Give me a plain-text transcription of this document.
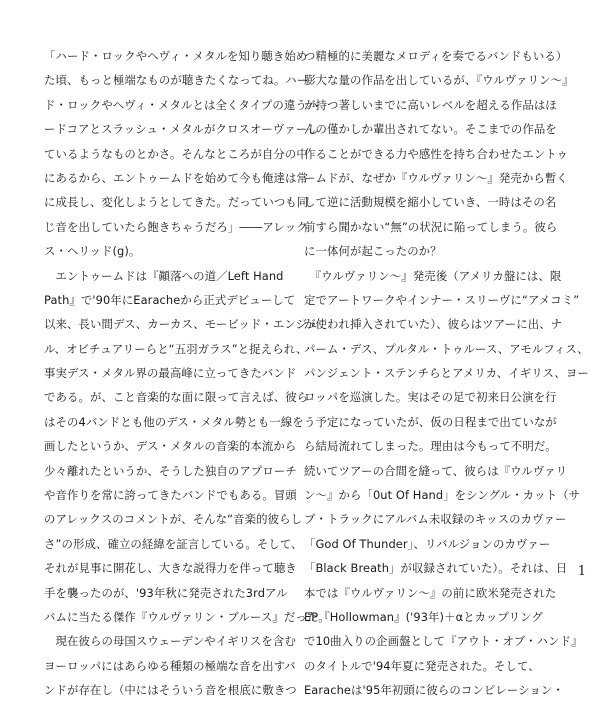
「ハード・ロックやヘヴィ・メタルを知り聴き始め
た頃、もっと極端なものが聴きたくなってね。ハー
ド・ロックやヘヴィ・メタルとは全くタイプの違うハ
ードコアとスラッシュ・メタルがクロスオーヴァーし
ているようなものとかさ。そんなところが自分の中
にあるから、エントゥームドを始めて今も俺達は常
に成長し、変化しようとしてきた。だっていつも同
じ音を出していたら飽きちゃうだろ」――アレック
ス・ヘリッド(g)。
　エントゥームドは『顚落への道／Left Hand
Path』で'90年にEaracheから正式デビューして
以来、長い間デス、カーカス、モービッド・エンジェ
ル、オビチュアリーらと“五羽ガラス”と捉えられ、
事実デス・メタル界の最高峰に立ってきたバンド
である。が、こと音楽的な面に限って言えば、彼ら
はその4バンドとも他のデス・メタル勢とも一線を
画したというか、デス・メタルの音楽的本流から
少々離れたというか、そうした独自のアプローチ
や音作りを常に誇ってきたバンドでもある。冒頭
のアレックスのコメントが、そんな“音楽的彼らし
さ”の形成、確立の経緯を証言している。そして、
それが見事に開花し、大きな説得力を伴って聴き
手を襲ったのが、'93年秋に発売された3rdアル
バムに当たる傑作『ウルヴァリン・ブルース』だった。
　現在彼らの母国スウェーデンやイギリスを含む
ヨーロッパにはあらゆる種類の極端な音を出すバ
ンドが存在し（中にはそういう音を根底に敷きつ
つ精極的に美麗なメロディを奏でるバンドもいる）
膨大な量の作品を出しているが、『ウルヴァリン〜』
が持つ著しいまでに高いレベルを超える作品はほ
んの僅かしか輩出されてない。そこまでの作品を
作ることができる力や感性を持ち合わせたエントゥ
ームドが、なぜか『ウルヴァリン〜』発売から暫く
して逆に活動規模を縮小していき、一時はその名
前すら聞かない“無”の状況に陥ってしまう。彼ら
に一体何が起こったのか？
　『ウルヴァリン〜』発売後（アメリカ盤には、限
定でアートワークやインナー・スリーヴに“アメコミ”
が使われ挿入されていた）、彼らはツアーに出、ナ
パーム・デス、プルタル・トゥルース、アモルフィス、
パンジェント・ステンチらとアメリカ、イギリス、ヨー
ロッパを巡演した。実はその足で初来日公演を行
う予定になっていたが、仮の日程まで出ていなが
ら結局流れてしまった。理由は今もって不明だ。
続いてツアーの合間を縫って、彼らは『ウルヴァリ
ン〜』から「0ut Of Hand」をシングル・カット（サ
ブ・トラックにアルバム未収録のキッスのカヴァー
「God Of Thunder」、リバルジョンのカヴァー
「Black Breath」が収録されていた）。それは、日
本では『ウルヴァリン〜』の前に欧米発売された
EP『Hollowman』('93年)＋αとカップリング
で10曲入りの企画盤として『アウト・オブ・ハンド』
のタイトルで'94年夏に発売された。そして、
Earacheは'95年初頭に彼らのコンピレーション・
1
